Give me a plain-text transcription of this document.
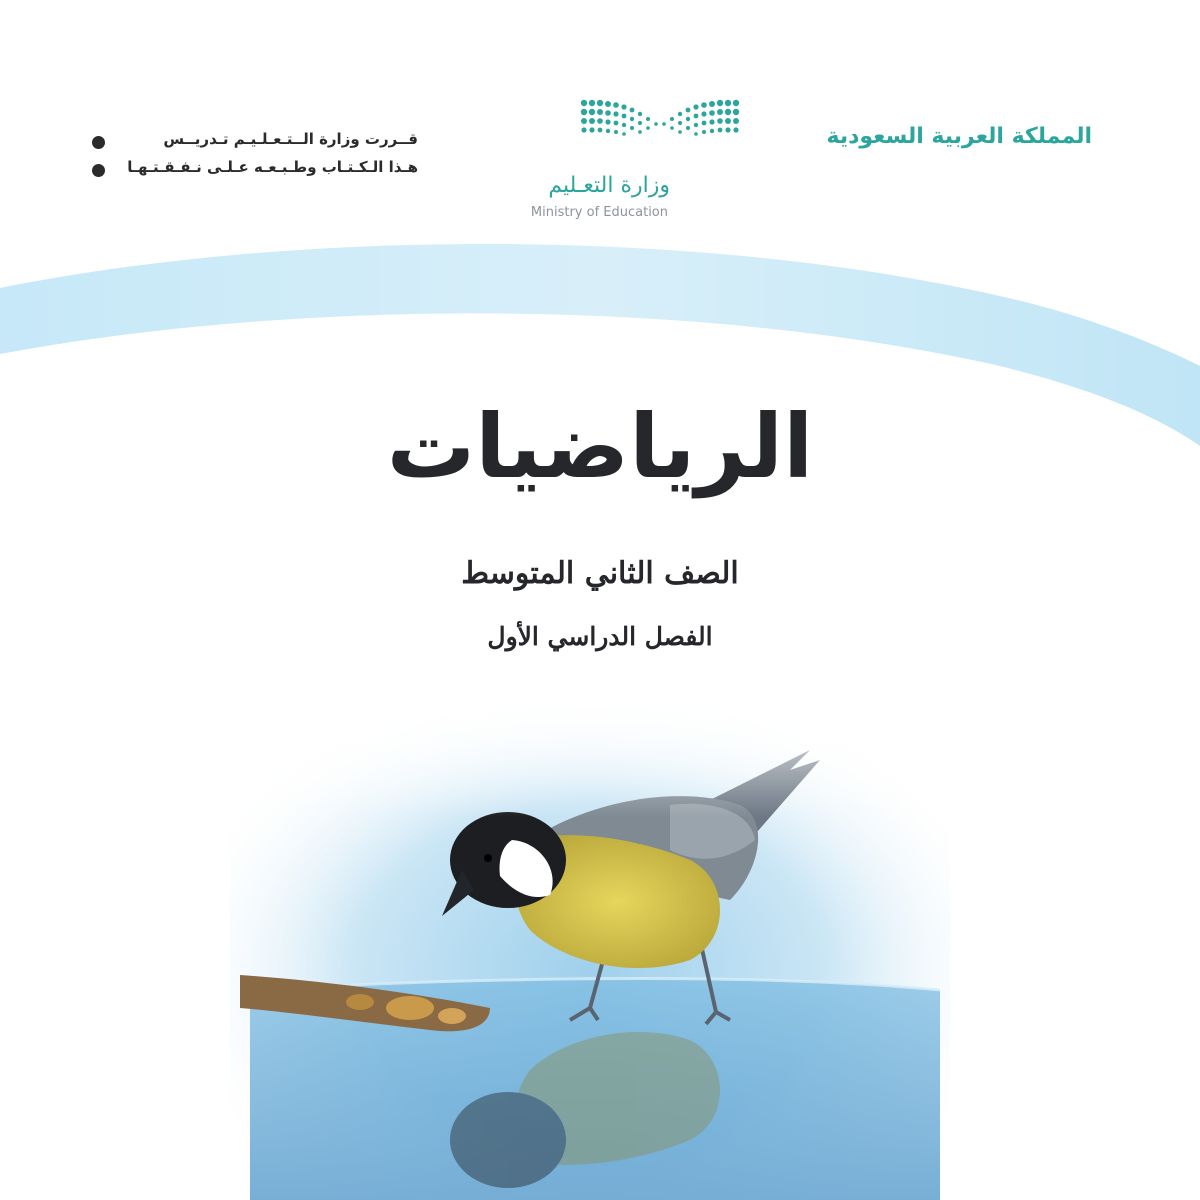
المملكة العربية السعودية
وزارة التعـليم
Ministry of Education
قــررت وزارة الــتـعـلـيـم تـدريــس
هـذا الـكـتـاب وطـبـعـه عـلـى نـفـقـتـهـا
الرياضيات
الصف الثاني المتوسط
الفصل الدراسي الأول
